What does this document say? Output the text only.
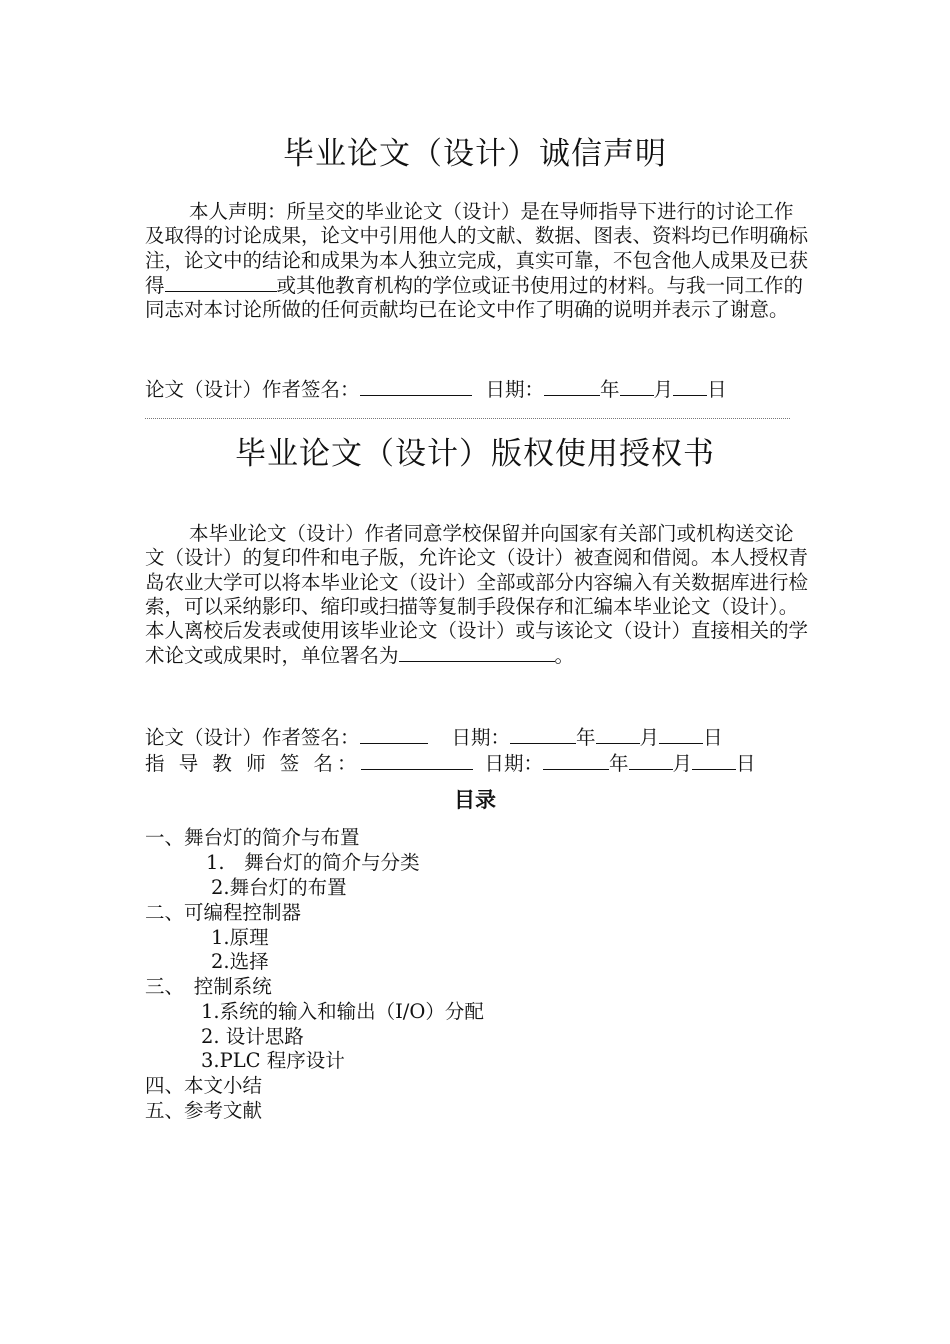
毕业论文（设计）诚信声明
本人声明：所呈交的毕业论文（设计）是在导师指导下进行的讨论工作及取得的讨论成果，论文中引用他人的文献、数据、图表、资料均已作明确标注，论文中的结论和成果为本人独立完成，真实可靠，不包含他人成果及已获得	或其他教育机构的学位或证书使用过的材料。与我一同工作的同志对本讨论所做的任何贡献均已在论文中作了明确的说明并表示了谢意。
论文（设计）作者签名：	日期：	年 月 日
毕业论文（设计）版权使用授权书
本毕业论文（设计）作者同意学校保留并向国家有关部门或机构送交论文（设计）的复印件和电子版，允许论文（设计）被查阅和借阅。本人授权青岛农业大学可以将本毕业论文（设计）全部或部分内容编入有关数据库进行检索，可以采纳影印、缩印或扫描等复制手段保存和汇编本毕业论文（设计）。本人离校后发表或使用该毕业论文（设计）或与该论文（设计）直接相关的学术论文或成果时，单位署名为	。
论文（设计）作者签名：	日期：	年 月 日
指 导 教 师 签 名：	日期：	年 月 日
目录
一、舞台灯的简介与布置
1.　舞台灯的简介与分类
2.舞台灯的布置
二、可编程控制器
1.原理
2.选择
三、　控制系统
1.系统的输入和输出（I/O）分配
2. 设计思路
3.PLC 程序设计
四、本文小结
五、参考文献
